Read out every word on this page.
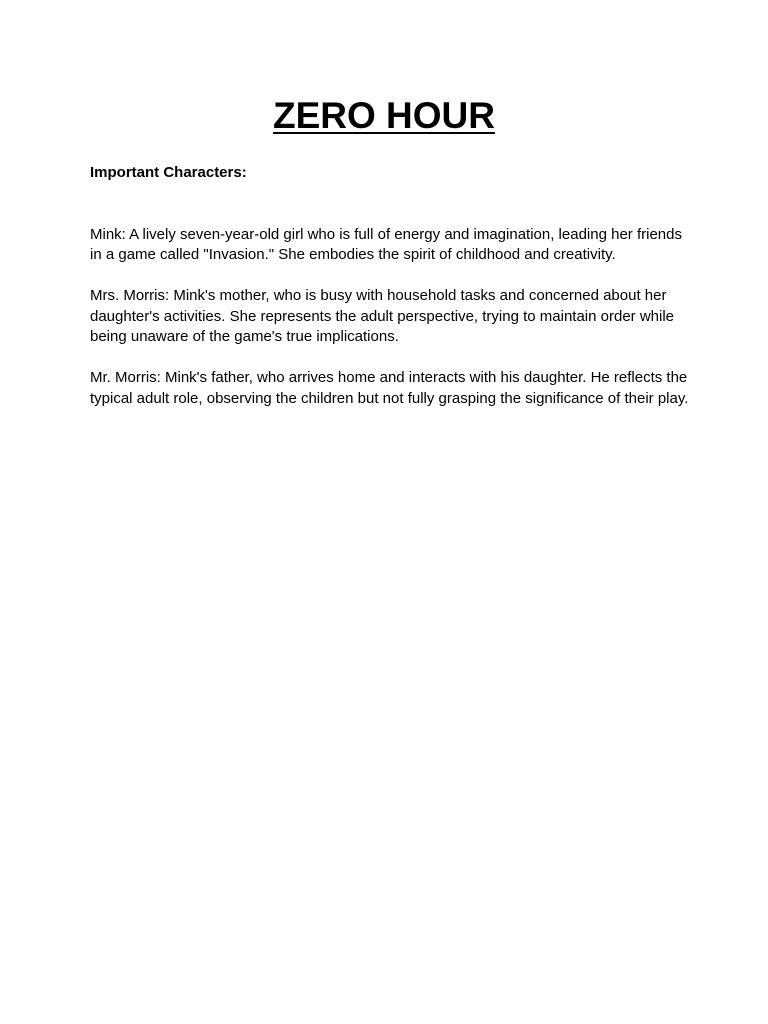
ZERO HOUR

Important Characters:

Mink: A lively seven-year-old girl who is full of energy and imagination, leading her friends in a game called "Invasion." She embodies the spirit of childhood and creativity.

Mrs. Morris: Mink's mother, who is busy with household tasks and concerned about her daughter's activities. She represents the adult perspective, trying to maintain order while being unaware of the game's true implications.

Mr. Morris: Mink's father, who arrives home and interacts with his daughter. He reflects the typical adult role, observing the children but not fully grasping the significance of their play.
